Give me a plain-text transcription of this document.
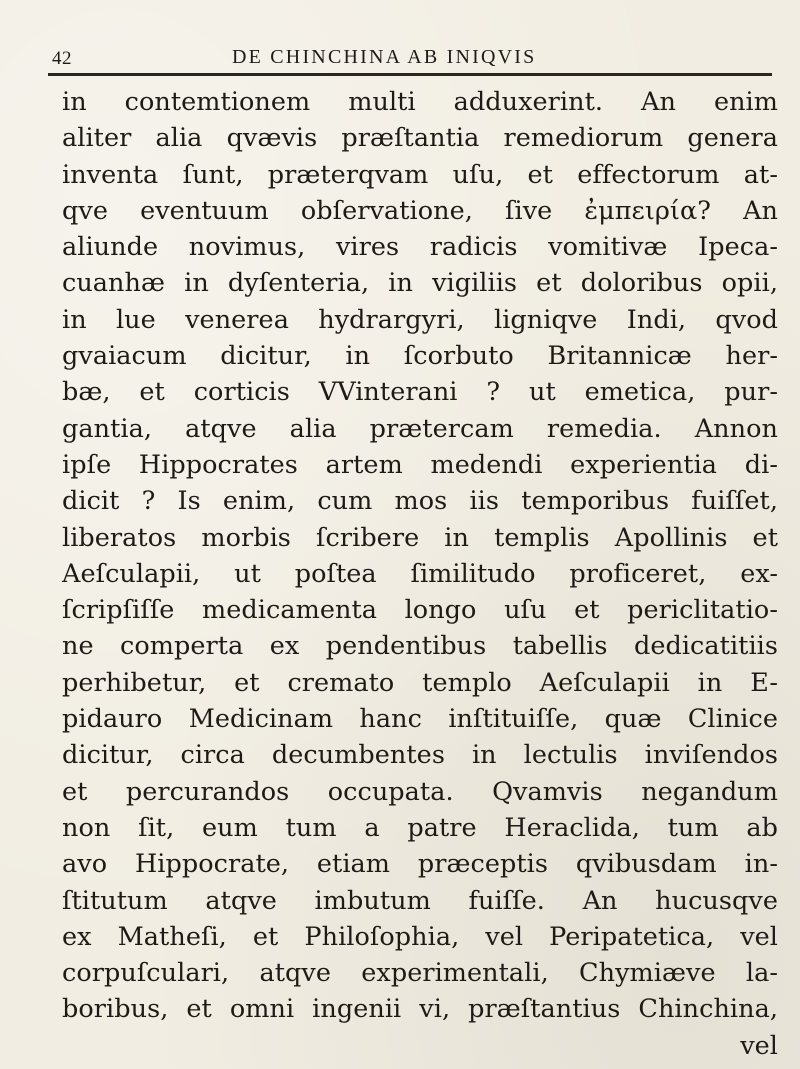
42	DE CHINCHINA AB INIQVIS
in contemtionem multi adduxerint. An enim
aliter alia qvævis præſtantia remediorum genera
inventa ſunt, præterqvam uſu, et effectorum at-
qve eventuum obſervatione, ſive ἐμπειρία? An
aliunde novimus, vires radicis vomitivæ Ipeca-
cuanhæ in dyſenteria, in vigiliis et doloribus opii,
in lue venerea hydrargyri, ligniqve Indi, qvod
gvaiacum dicitur, in ſcorbuto Britannicæ her-
bæ, et corticis VVinterani ? ut emetica, pur-
gantia, atqve alia prætercam remedia. Annon
ipſe Hippocrates artem medendi experientia di-
dicit ? Is enim, cum mos iis temporibus fuiſſet,
liberatos morbis ſcribere in templis Apollinis et
Aeſculapii, ut poſtea ſimilitudo proficeret, ex-
ſcripſiſſe medicamenta longo uſu et periclitatio-
ne comperta ex pendentibus tabellis dedicatitiis
perhibetur, et cremato templo Aeſculapii in E-
pidauro Medicinam hanc inſtituiſſe, quæ Clinice
dicitur, circa decumbentes in lectulis inviſendos
et percurandos occupata. Qvamvis negandum
non ſit, eum tum a patre Heraclida, tum ab
avo Hippocrate, etiam præceptis qvibusdam in-
ſtitutum atqve imbutum fuiſſe. An hucusqve
ex Matheſi, et Philoſophia, vel Peripatetica, vel
corpuſculari, atqve experimentali, Chymiæve la-
boribus, et omni ingenii vi, præſtantius Chinchina,
vel
